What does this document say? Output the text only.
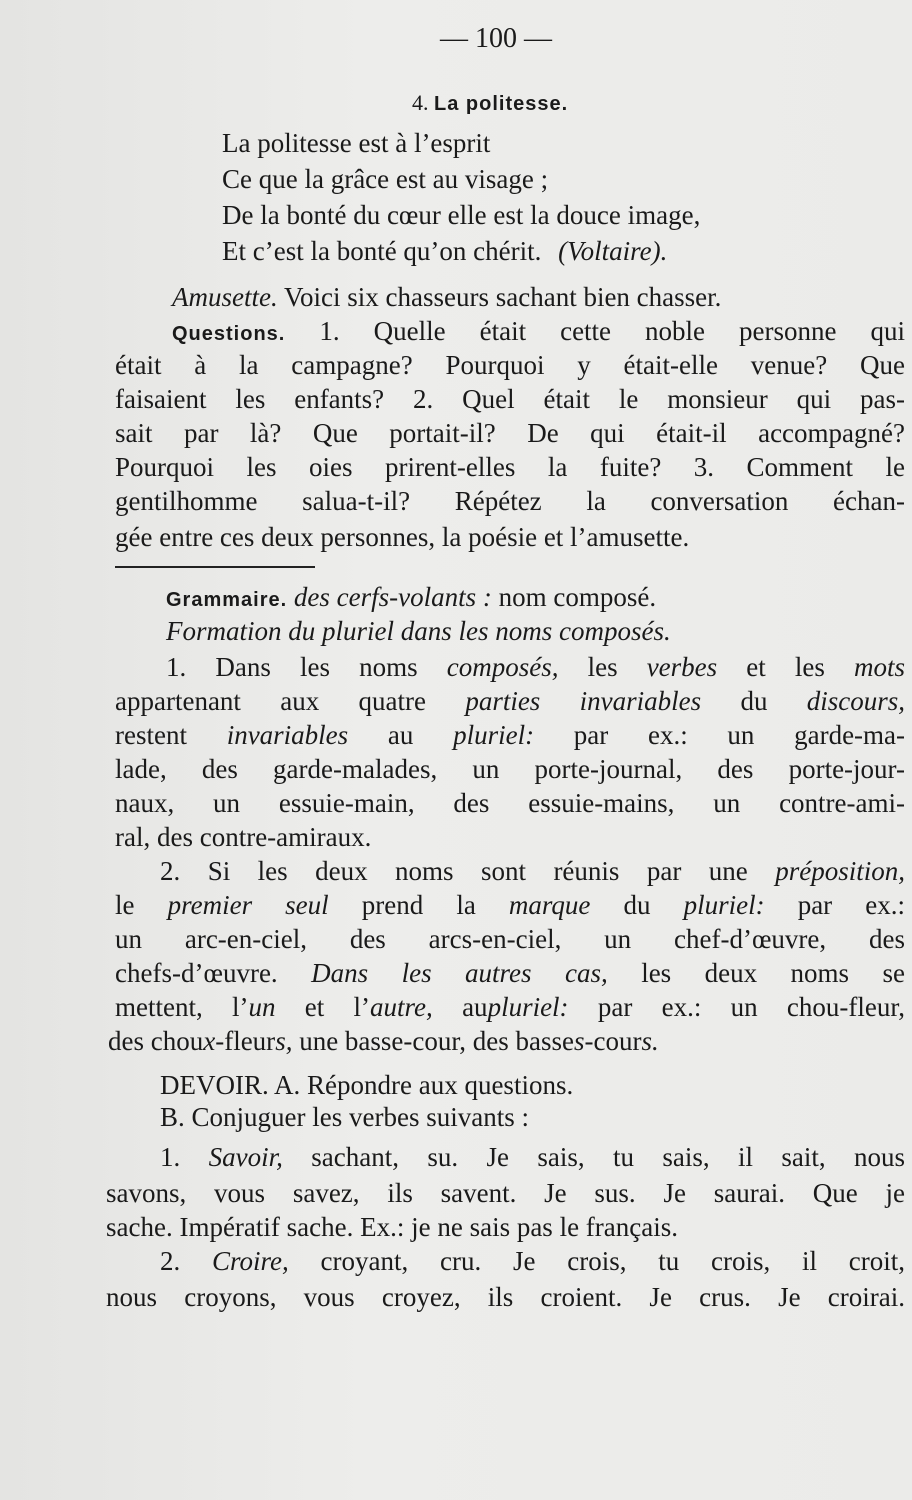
— 100 —
4. La politesse.
La politesse est à l’esprit
Ce que la grâce est au visage ;
De la bonté du cœur elle est la douce image,
Et c’est la bonté qu’on chérit. (Voltaire).
Amusette. Voici six chasseurs sachant bien chasser.
Questions. 1. Quelle était cette noble personne qui
était à la campagne? Pourquoi y était-elle venue? Que
faisaient les enfants? 2. Quel était le monsieur qui pas-
sait par là? Que portait-il? De qui était-il accompagné?
Pourquoi les oies prirent-elles la fuite? 3. Comment le
gentilhomme salua-t-il? Répétez la conversation échan-
gée entre ces deux personnes, la poésie et l’amusette.
Grammaire. des cerfs-volants : nom composé.
Formation du pluriel dans les noms composés.
1. Dans les noms composés, les verbes et les mots
appartenant aux quatre parties invariables du discours,
restent invariables au pluriel: par ex.: un garde-ma-
lade, des garde-malades, un porte-journal, des porte-jour-
naux, un essuie-main, des essuie-mains, un contre-ami-
ral, des contre-amiraux.
2. Si les deux noms sont réunis par une préposition,
le premier seul prend la marque du pluriel: par ex.:
un arc-en-ciel, des arcs-en-ciel, un chef-d’œuvre, des
chefs-d’œuvre. Dans les autres cas, les deux noms se
mettent, l’un et l’autre, aupluriel: par ex.: un chou-fleur,
des choux-fleurs, une basse-cour, des basses-cours.
DEVOIR. A. Répondre aux questions.
B. Conjuguer les verbes suivants :
1. Savoir, sachant, su. Je sais, tu sais, il sait, nous
savons, vous savez, ils savent. Je sus. Je saurai. Que je
sache. Impératif sache. Ex.: je ne sais pas le français.
2. Croire, croyant, cru. Je crois, tu crois, il croit,
nous croyons, vous croyez, ils croient. Je crus. Je croirai.
